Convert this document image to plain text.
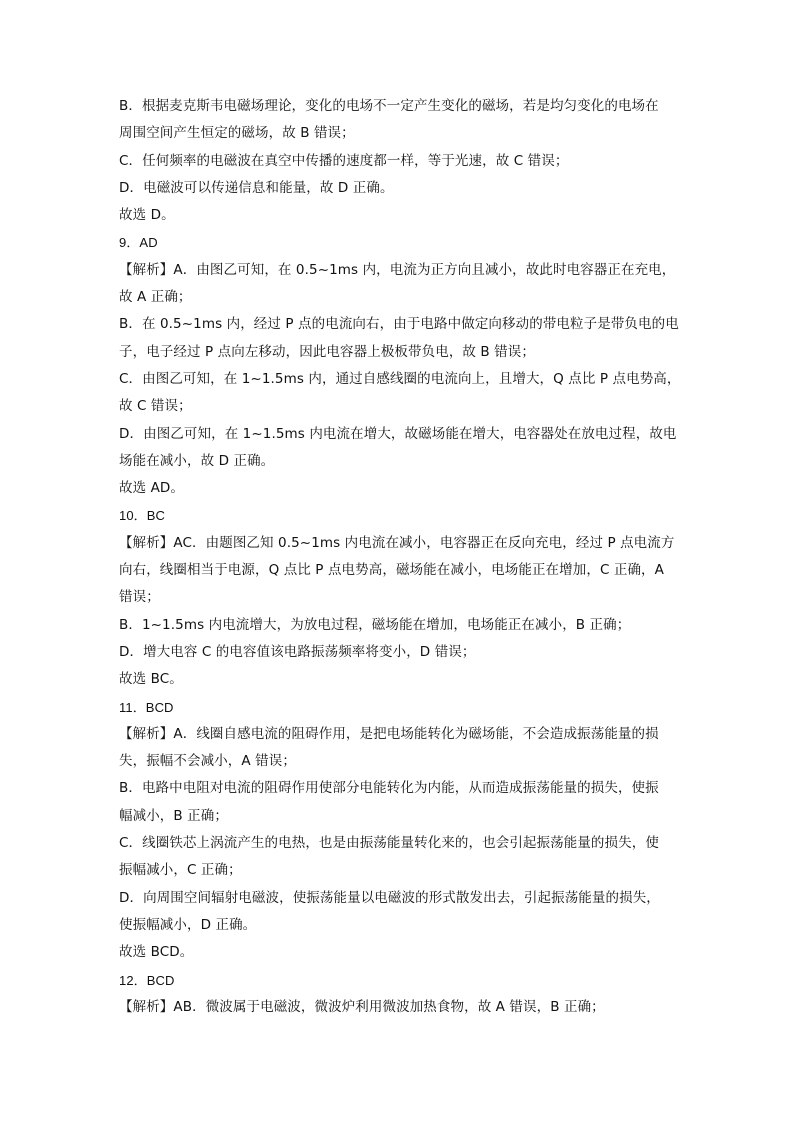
B．根据麦克斯韦电磁场理论，变化的电场不一定产生变化的磁场，若是均匀变化的电场在
周围空间产生恒定的磁场，故 B 错误；
C．任何频率的电磁波在真空中传播的速度都一样，等于光速，故 C 错误；
D．电磁波可以传递信息和能量，故 D 正确。
故选 D。
9．AD
【解析】A．由图乙可知，在 0.5~1ms 内，电流为正方向且减小，故此时电容器正在充电，
故 A 正确；
B．在 0.5~1ms 内，经过 P 点的电流向右，由于电路中做定向移动的带电粒子是带负电的电
子，电子经过 P 点向左移动，因此电容器上极板带负电，故 B 错误；
C．由图乙可知，在 1~1.5ms 内，通过自感线圈的电流向上，且增大，Q 点比 P 点电势高，
故 C 错误；
D．由图乙可知，在 1~1.5ms 内电流在增大，故磁场能在增大，电容器处在放电过程，故电
场能在减小，故 D 正确。
故选 AD。
10．BC
【解析】AC．由题图乙知 0.5~1ms 内电流在减小，电容器正在反向充电，经过 P 点电流方
向右，线圈相当于电源，Q 点比 P 点电势高，磁场能在减小，电场能正在增加，C 正确，A
错误；
B．1~1.5ms 内电流增大，为放电过程，磁场能在增加，电场能正在减小，B 正确；
D．增大电容 C 的电容值该电路振荡频率将变小，D 错误；
故选 BC。
11．BCD
【解析】A．线圈自感电流的阻碍作用，是把电场能转化为磁场能，不会造成振荡能量的损
失，振幅不会减小，A 错误；
B．电路中电阻对电流的阻碍作用使部分电能转化为内能，从而造成振荡能量的损失，使振
幅减小，B 正确；
C．线圈铁芯上涡流产生的电热，也是由振荡能量转化来的，也会引起振荡能量的损失，使
振幅减小，C 正确；
D．向周围空间辐射电磁波，使振荡能量以电磁波的形式散发出去，引起振荡能量的损失，
使振幅减小，D 正确。
故选 BCD。
12．BCD
【解析】AB．微波属于电磁波，微波炉利用微波加热食物，故 A 错误，B 正确；
